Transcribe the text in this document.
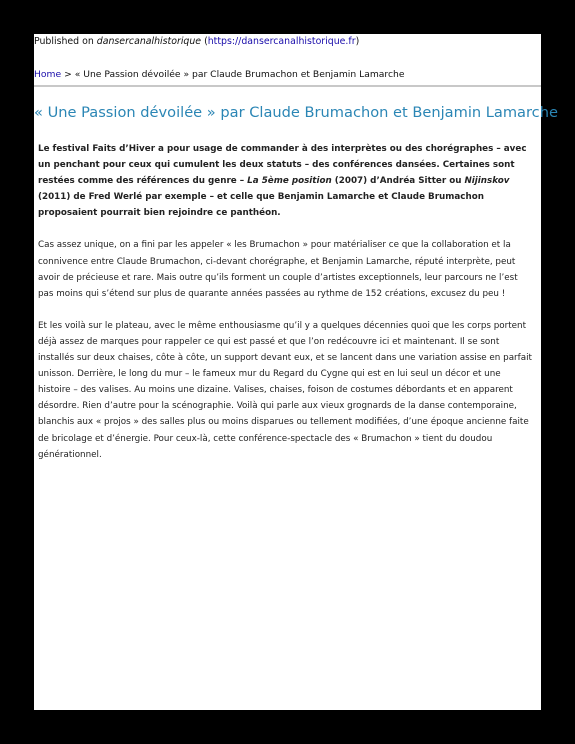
Published on dansercanalhistorique (https://dansercanalhistorique.fr)
Home > « Une Passion dévoilée » par Claude Brumachon et Benjamin Lamarche
« Une Passion dévoilée » par Claude Brumachon et Benjamin Lamarche

Le festival Faits d’Hiver a pour usage de commander à des interprètes ou des chorégraphes – avec un penchant pour ceux qui cumulent les deux statuts – des conférences dansées. Certaines sont restées comme des références du genre – La 5ème position (2007) d’Andréa Sitter ou Nijinskov (2011) de Fred Werlé par exemple – et celle que Benjamin Lamarche et Claude Brumachon proposaient pourrait bien rejoindre ce panthéon.

Cas assez unique, on a fini par les appeler « les Brumachon » pour matérialiser ce que la collaboration et la connivence entre Claude Brumachon, ci-devant chorégraphe, et Benjamin Lamarche, réputé interprète, peut avoir de précieuse et rare. Mais outre qu’ils forment un couple d’artistes exceptionnels, leur parcours ne l’est pas moins qui s’étend sur plus de quarante années passées au rythme de 152 créations, excusez du peu !

Et les voilà sur le plateau, avec le même enthousiasme qu’il y a quelques décennies quoi que les corps portent déjà assez de marques pour rappeler ce qui est passé et que l’on redécouvre ici et maintenant. Il se sont installés sur deux chaises, côte à côte, un support devant eux, et se lancent dans une variation assise en parfait unisson. Derrière, le long du mur – le fameux mur du Regard du Cygne qui est en lui seul un décor et une histoire – des valises. Au moins une dizaine. Valises, chaises, foison de costumes débordants et en apparent désordre. Rien d’autre pour la scénographie. Voilà qui parle aux vieux grognards de la danse contemporaine, blanchis aux « projos » des salles plus ou moins disparues ou tellement modifiées, d’une époque ancienne faite de bricolage et d’énergie. Pour ceux-là, cette conférence-spectacle des « Brumachon » tient du doudou générationnel.
